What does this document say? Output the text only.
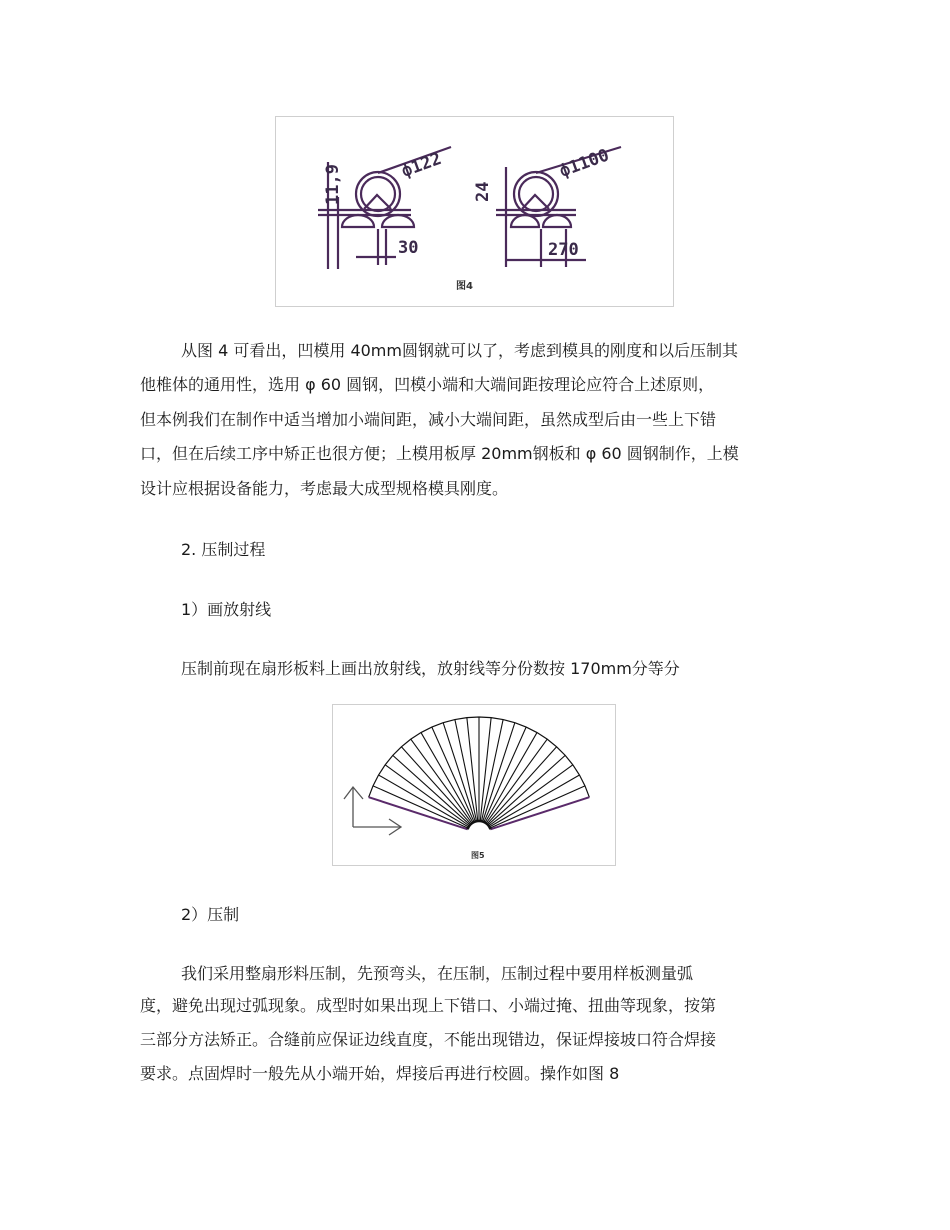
11,9	ф122
30
24
ф1100
270
图4
从图 4 可看出，凹模用 40mm圆钢就可以了，考虑到模具的刚度和以后压制其
他椎体的通用性，选用 φ 60 圆钢，凹模小端和大端间距按理论应符合上述原则，
但本例我们在制作中适当增加小端间距，减小大端间距，虽然成型后由一些上下错
口，但在后续工序中矫正也很方便；上模用板厚 20mm钢板和 φ 60 圆钢制作，上模
设计应根据设备能力，考虑最大成型规格模具刚度。
2. 压制过程
1）画放射线
压制前现在扇形板料上画出放射线，放射线等分份数按 170mm分等分
图5
2）压制
我们采用整扇形料压制，先预弯头，在压制，压制过程中要用样板测量弧
度，避免出现过弧现象。成型时如果出现上下错口、小端过掩、扭曲等现象，按第
三部分方法矫正。合缝前应保证边线直度，不能出现错边，保证焊接坡口符合焊接
要求。点固焊时一般先从小端开始，焊接后再进行校圆。操作如图 8
